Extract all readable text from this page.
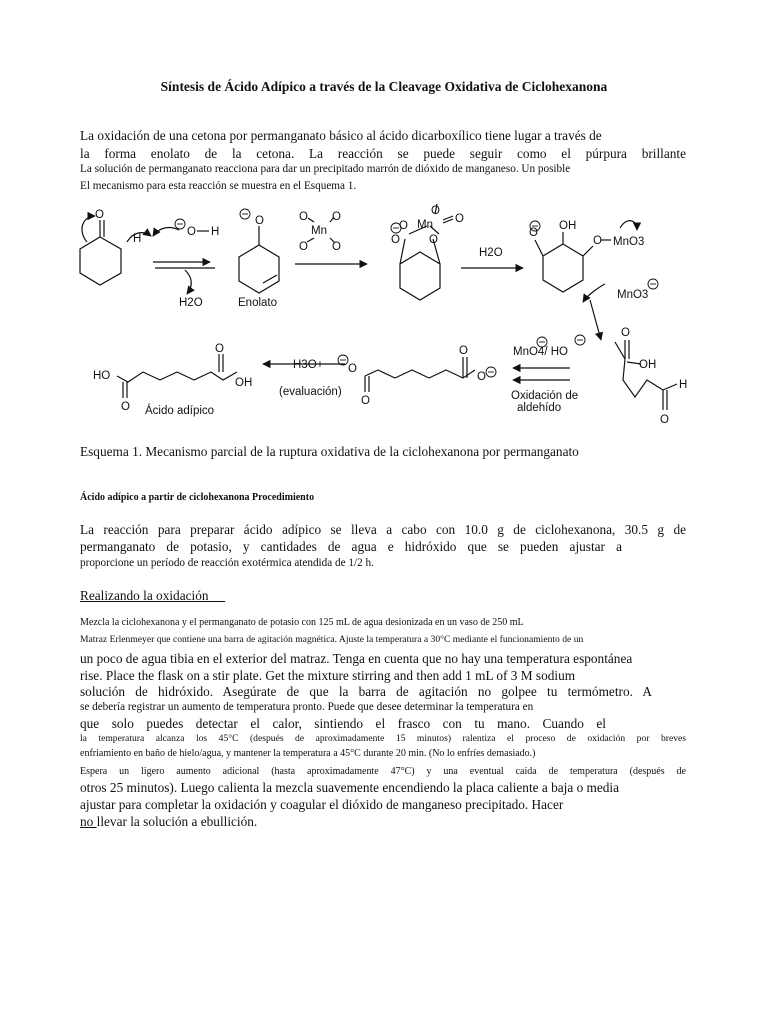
Síntesis de Ácido Adípico a través de la Cleavage Oxidativa de Ciclohexanona
La oxidación de una cetona por permanganato básico al ácido dicarboxílico tiene lugar a través de
la forma enolato de la cetona. La reacción se puede seguir como el púrpura brillante
La solución de permanganato reacciona para dar un precipitado marrón de dióxido de manganeso. Un posible
El mecanismo para esta reacción se muestra en el Esquema 1.
O
H
O H
H2O
O
Enolato
O O
Mn
O O
O
Mn
O
O
O
O
H2O
OH
O
O MnO3
MnO3
O
OH
H
O
MnO4/ HO
Oxidación de
aldehído
O
O
O
O
H3O+
(evaluación)
HO
O
O
OH
Ácido adípico
Esquema 1. Mecanismo parcial de la ruptura oxidativa de la ciclohexanona por permanganato
Ácido adípico a partir de ciclohexanona Procedimiento
La reacción para preparar ácido adípico se lleva a cabo con 10.0 g de ciclohexanona, 30.5 g de
permanganato de potasio, y cantidades de agua e hidróxido que se pueden ajustar a
proporcione un período de reacción exotérmica atendida de 1/2 h.
Realizando la oxidación
Mezcla la ciclohexanona y el permanganato de potasio con 125 mL de agua desionizada en un vaso de 250 mL
Matraz Erlenmeyer que contiene una barra de agitación magnética. Ajuste la temperatura a 30°C mediante el funcionamiento de un
un poco de agua tibia en el exterior del matraz. Tenga en cuenta que no hay una temperatura espontánea
rise. Place the flask on a stir plate. Get the mixture stirring and then add 1 mL of 3 M sodium
solución de hidróxido. Asegúrate de que la barra de agitación no golpee tu termómetro. A
se debería registrar un aumento de temperatura pronto. Puede que desee determinar la temperatura en
que solo puedes detectar el calor, sintiendo el frasco con tu mano. Cuando el
la temperatura alcanza los 45°C (después de aproximadamente 15 minutos) ralentiza el proceso de oxidación por breves
enfriamiento en baño de hielo/agua, y mantener la temperatura a 45°C durante 20 min. (No lo enfríes demasiado.)
Espera un ligero aumento adicional (hasta aproximadamente 47°C) y una eventual caída de temperatura (después de
otros 25 minutos). Luego calienta la mezcla suavemente encendiendo la placa caliente a baja o media
ajustar para completar la oxidación y coagular el dióxido de manganeso precipitado. Hacer
no llevar la solución a ebullición.
